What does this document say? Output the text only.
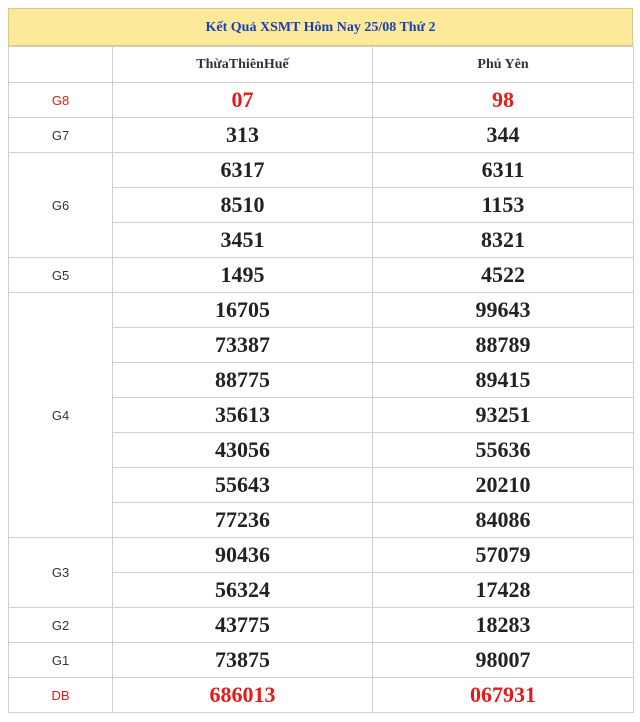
Kết Quả XSMT Hôm Nay 25/08 Thứ 2
	ThừaThiênHuế	Phú Yên
G8	07	98
G7	313	344
G6	6317	6311
	8510	1153
	3451	8321
G5	1495	4522
G4	16705	99643
	73387	88789
	88775	89415
	35613	93251
	43056	55636
	55643	20210
	77236	84086
G3	90436	57079
	56324	17428
G2	43775	18283
G1	73875	98007
DB	686013	067931
